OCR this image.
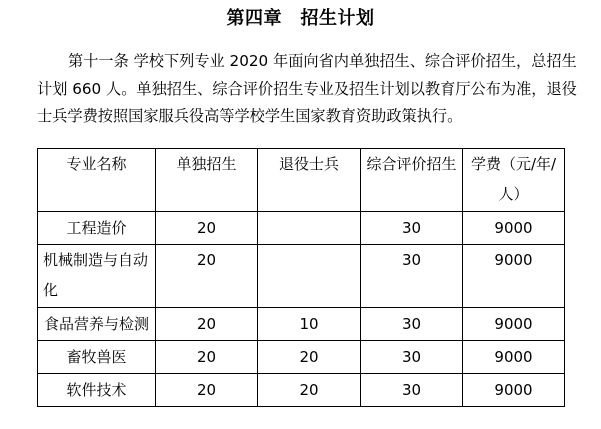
第四章　招生计划
第十一条 学校下列专业 2020 年面向省内单独招生、综合评价招生，总招生
计划 660 人。单独招生、综合评价招生专业及招生计划以教育厅公布为准，退役
士兵学费按照国家服兵役高等学校学生国家教育资助政策执行。
专业名称	单独招生	退役士兵	综合评价招生	学费（元/年/人）
工程造价	20		30	9000
机械制造与自动化	20		30	9000
食品营养与检测	20	10	30	9000
畜牧兽医	20	20	30	9000
软件技术	20	20	30	9000
